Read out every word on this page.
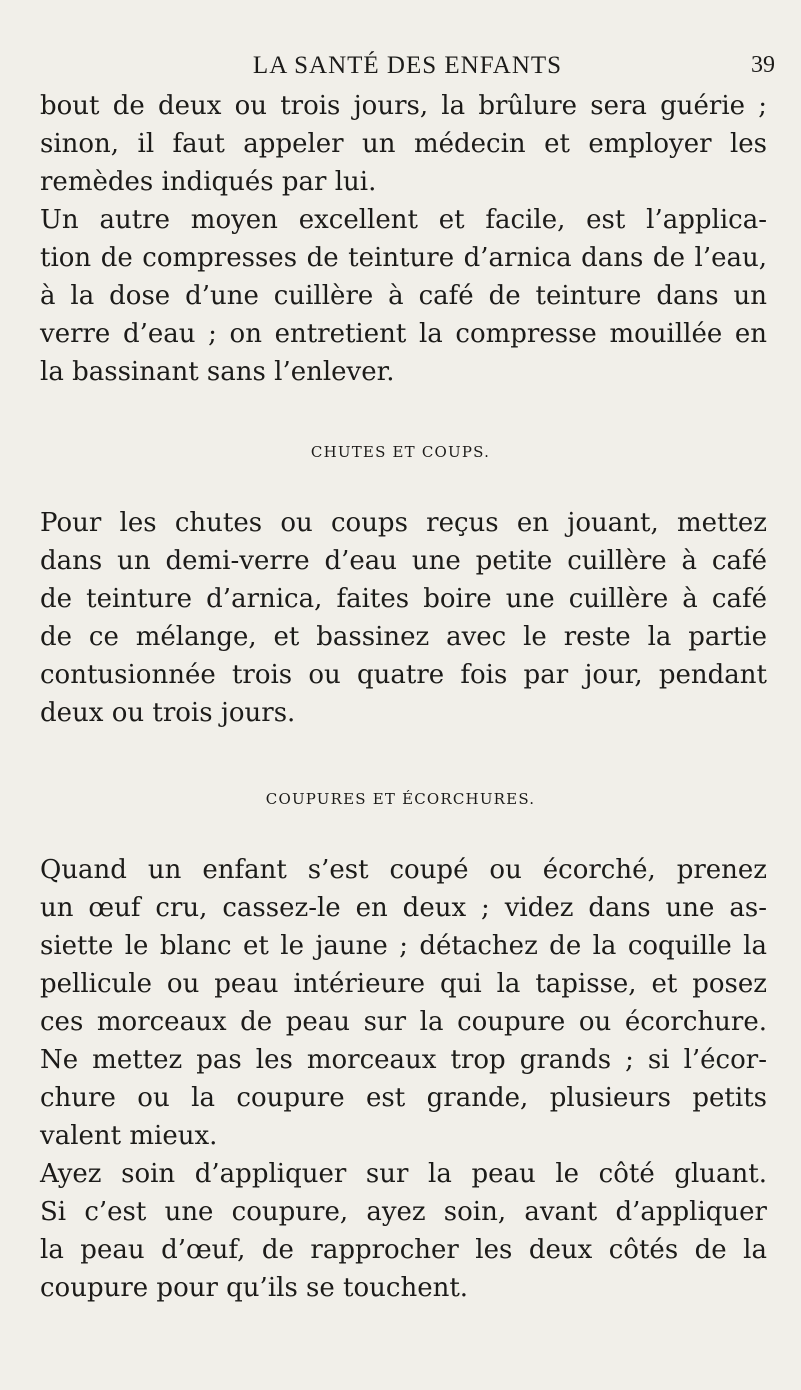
LA SANTÉ DES ENFANTS	39
bout de deux ou trois jours, la brûlure sera guérie ;
sinon, il faut appeler un médecin et employer les
remèdes indiqués par lui.
Un autre moyen excellent et facile, est l’applica-
tion de compresses de teinture d’arnica dans de l’eau,
à la dose d’une cuillère à café de teinture dans un
verre d’eau ; on entretient la compresse mouillée en
la bassinant sans l’enlever.
CHUTES ET COUPS.
Pour les chutes ou coups reçus en jouant, mettez
dans un demi-verre d’eau une petite cuillère à café
de teinture d’arnica, faites boire une cuillère à café
de ce mélange, et bassinez avec le reste la partie
contusionnée trois ou quatre fois par jour, pendant
deux ou trois jours.
COUPURES ET ÉCORCHURES.
Quand un enfant s’est coupé ou écorché, prenez
un œuf cru, cassez-le en deux ; videz dans une as-
siette le blanc et le jaune ; détachez de la coquille la
pellicule ou peau intérieure qui la tapisse, et posez
ces morceaux de peau sur la coupure ou écorchure.
Ne mettez pas les morceaux trop grands ; si l’écor-
chure ou la coupure est grande, plusieurs petits
valent mieux.
Ayez soin d’appliquer sur la peau le côté gluant.
Si c’est une coupure, ayez soin, avant d’appliquer
la peau d’œuf, de rapprocher les deux côtés de la
coupure pour qu’ils se touchent.
